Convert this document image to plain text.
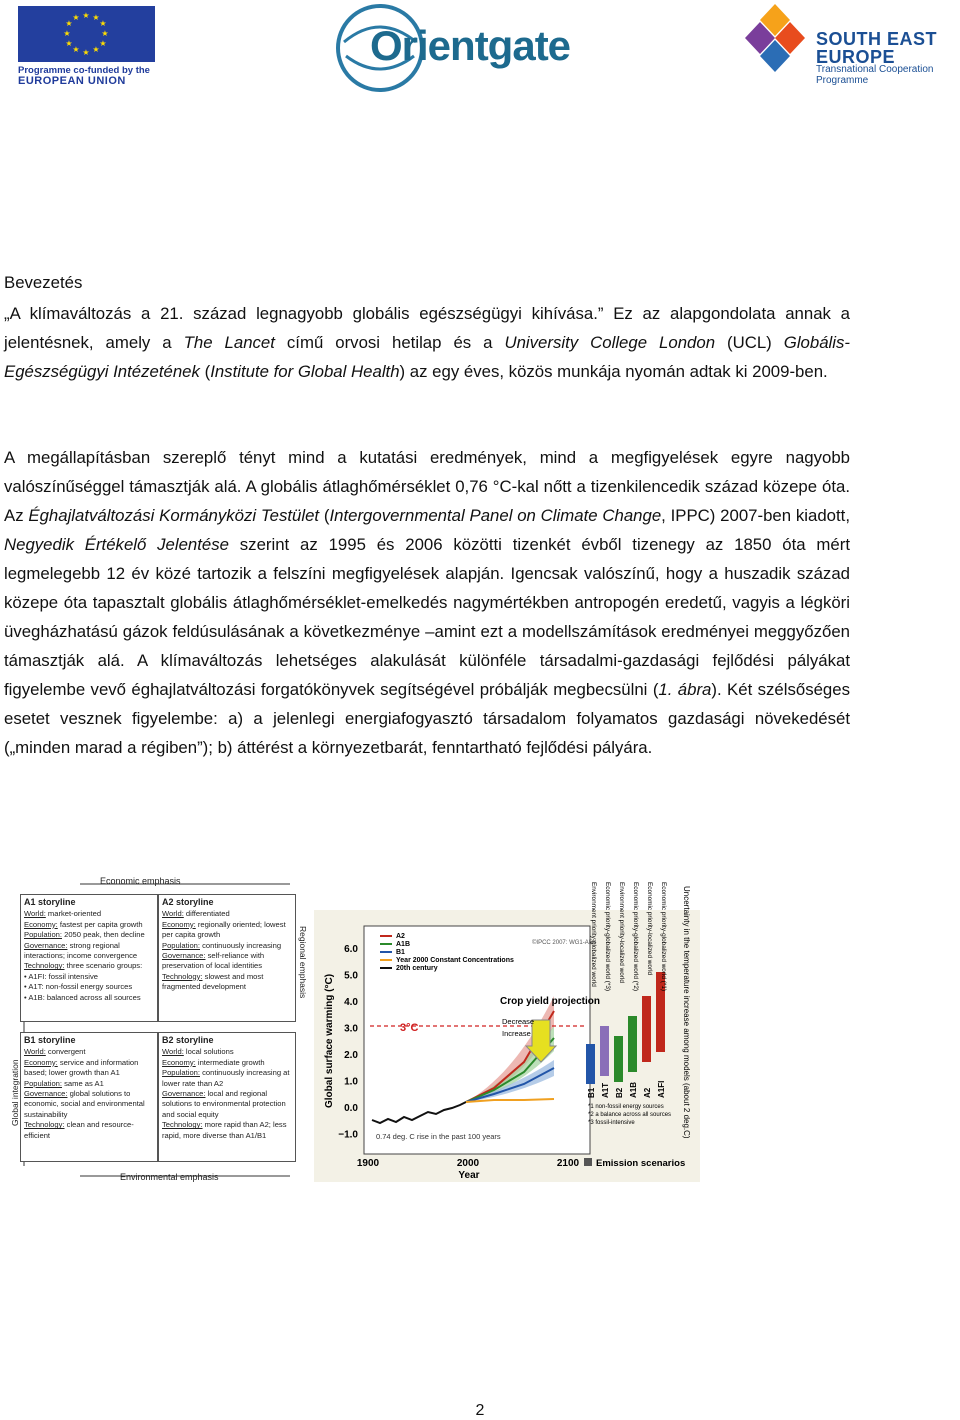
★ ★
★
★
★
★
★
★
★
★
★
★
Programme co-funded by the
EUROPEAN UNION
Orientgate	SOUTH EAST
EUROPE
Transnational Cooperation Programme
Bevezetés
„A klímaváltozás a 21. század legnagyobb globális egészségügyi kihívása.” Ez az alapgondolata annak a jelentésnek, amely a The Lancet című orvosi hetilap és a University College London (UCL) Globális-Egészségügyi Intézetének (Institute for Global Health) az egy éves, közös munkája nyomán adtak ki 2009-ben.
A megállapításban szereplő tényt mind a kutatási eredmények, mind a megfigyelések egyre nagyobb valószínűséggel támasztják alá. A globális átlaghőmérséklet 0,76 °C-kal nőtt a tizenkilencedik század közepe óta. Az Éghajlatváltozási Kormányközi Testület (Intergovernmental Panel on Climate Change, IPPC) 2007-ben kiadott, Negyedik Értékelő Jelentése szerint az 1995 és 2006 közötti tizenkét évből tizenegy az 1850 óta mért legmelegebb 12 év közé tartozik a felszíni megfigyelések alapján. Igencsak valószínű, hogy a huszadik század közepe óta tapasztalt globális átlaghőmérséklet-emelkedés nagymértékben antropogén eredetű, vagyis a légköri üvegházhatású gázok feldúsulásának a következménye –amint ezt a modellszámítások eredményei meggyőzően támasztják alá. A klímaváltozás lehetséges alakulását különféle társadalmi-gazdasági fejlődési pályákat figyelembe vevő éghajlatváltozási forgatókönyvek segítségével próbálják megbecsülni (1. ábra). Két szélsőséges esetet vesznek figyelembe: a) a jelenlegi energiafogyasztó társadalom folyamatos gazdasági növekedését („minden marad a régiben”); b) áttérést a környezetbarát, fenntartható fejlődési pályára.
Economic emphasis
Global integration
Regional emphasis
A1 storyline
World: market-oriented
Economy: fastest per capita growth
Population: 2050 peak, then decline
Governance: strong regional interactions; income convergence
Technology: three scenario groups:
• A1FI: fossil intensive
• A1T: non-fossil energy sources
• A1B: balanced across all sources
A2 storyline
World: differentiated
Economy: regionally oriented; lowest per capita growth
Population: continuously increasing
Governance: self-reliance with preservation of local identities
Technology: slowest and most fragmented development
B1 storyline
World: convergent
Economy: service and information based; lower growth than A1
Population: same as A1
Governance: global solutions to economic, social and environmental sustainability
Technology: clean and resource-efficient
B2 storyline
World: local solutions
Economy: intermediate growth
Population: continuously increasing at lower rate than A2
Governance: local and regional solutions to environmental protection and social equity
Technology: more rapid than A2; less rapid, more diverse than A1/B1
Environmental emphasis
6.0
5.0
4.0
3.0
2.0
1.0
0.0
−1.0
A2
A1B
B1
Year 2000 Constant Concentrations
20th century
Crop yield projection
Decrease
Increase
3°C
0.74 deg. C rise in the past 100 years
©IPCC 2007: WG1-AR4
1900	2000	2100
Year
Global surface warming (°C)	B1 A1T B2 A1B A2 A1FI
Environment priority-globalized world Economic priority-globalized world (*3) Environment priority-localized world Economic priority-globalized world (*2) Economic priority-localized world Economic priority-globalized world (*1)
*1 non-fossil energy sources
*2 a balance across all sources
*3 fossil-intensive
Emission scenarios
Uncertainty in the temperature increase among models (about 2 deg.C)
2
